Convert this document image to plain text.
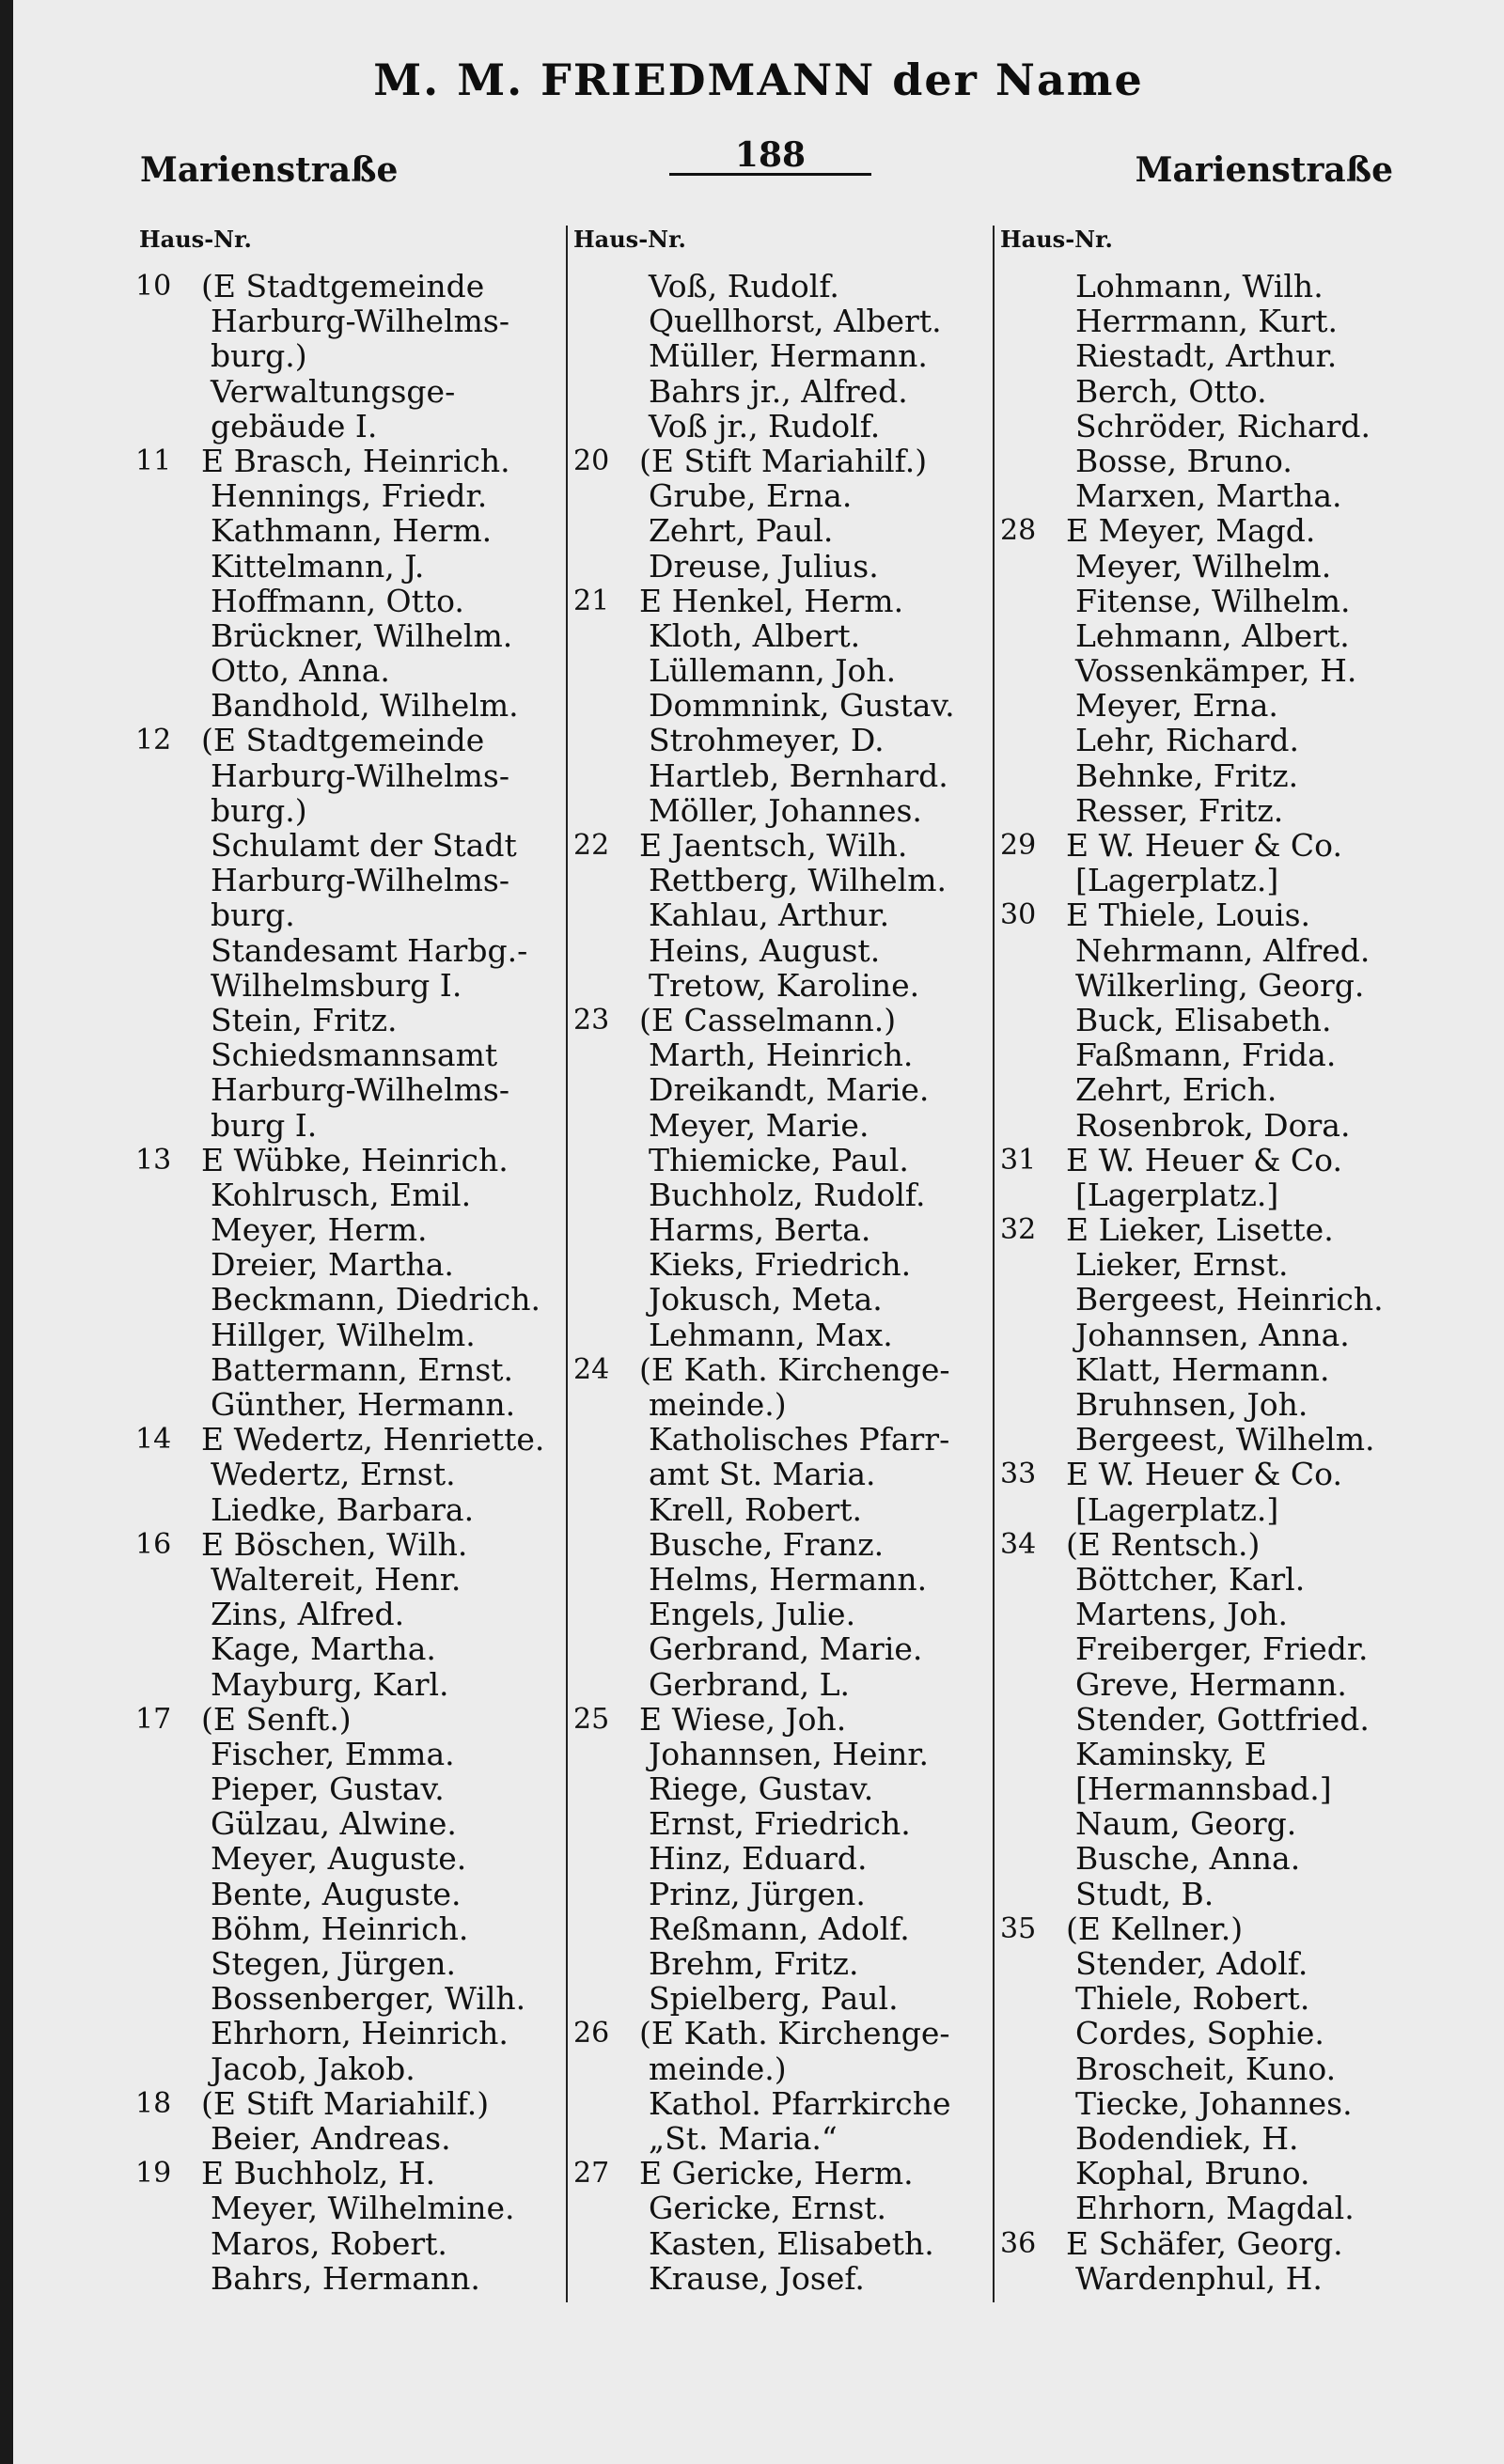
M. M. FRIEDMANN der Name
Marienstraße	188	Marienstraße
Haus-Nr.	Haus-Nr.	Haus-Nr.
10 (E Stadtgemeinde
Harburg-Wilhelms-
burg.)
Verwaltungsge-
gebäude I.
11 E Brasch, Heinrich.
Hennings, Friedr.
Kathmann, Herm.
Kittelmann, J.
Hoffmann, Otto.
Brückner, Wilhelm.
Otto, Anna.
Bandhold, Wilhelm.
12 (E Stadtgemeinde
Harburg-Wilhelms-
burg.)
Schulamt der Stadt
Harburg-Wilhelms-
burg.
Standesamt Harbg.-
Wilhelmsburg I.
Stein, Fritz.
Schiedsmannsamt
Harburg-Wilhelms-
burg I.
13 E Wübke, Heinrich.
Kohlrusch, Emil.
Meyer, Herm.
Dreier, Martha.
Beckmann, Diedrich.
Hillger, Wilhelm.
Battermann, Ernst.
Günther, Hermann.
14 E Wedertz, Henriette.
Wedertz, Ernst.
Liedke, Barbara.
16 E Böschen, Wilh.
Waltereit, Henr.
Zins, Alfred.
Kage, Martha.
Mayburg, Karl.
17 (E Senft.)
Fischer, Emma.
Pieper, Gustav.
Gülzau, Alwine.
Meyer, Auguste.
Bente, Auguste.
Böhm, Heinrich.
Stegen, Jürgen.
Bossenberger, Wilh.
Ehrhorn, Heinrich.
Jacob, Jakob.
18 (E Stift Mariahilf.)
Beier, Andreas.
19 E Buchholz, H.
Meyer, Wilhelmine.
Maros, Robert.
Bahrs, Hermann.
Voß, Rudolf.
Quellhorst, Albert.
Müller, Hermann.
Bahrs jr., Alfred.
Voß jr., Rudolf.
20 (E Stift Mariahilf.)
Grube, Erna.
Zehrt, Paul.
Dreuse, Julius.
21 E Henkel, Herm.
Kloth, Albert.
Lüllemann, Joh.
Dommnink, Gustav.
Strohmeyer, D.
Hartleb, Bernhard.
Möller, Johannes.
22 E Jaentsch, Wilh.
Rettberg, Wilhelm.
Kahlau, Arthur.
Heins, August.
Tretow, Karoline.
23 (E Casselmann.)
Marth, Heinrich.
Dreikandt, Marie.
Meyer, Marie.
Thiemicke, Paul.
Buchholz, Rudolf.
Harms, Berta.
Kieks, Friedrich.
Jokusch, Meta.
Lehmann, Max.
24 (E Kath. Kirchenge-
meinde.)
Katholisches Pfarr-
amt St. Maria.
Krell, Robert.
Busche, Franz.
Helms, Hermann.
Engels, Julie.
Gerbrand, Marie.
Gerbrand, L.
25 E Wiese, Joh.
Johannsen, Heinr.
Riege, Gustav.
Ernst, Friedrich.
Hinz, Eduard.
Prinz, Jürgen.
Reßmann, Adolf.
Brehm, Fritz.
Spielberg, Paul.
26 (E Kath. Kirchenge-
meinde.)
Kathol. Pfarrkirche
„St. Maria.“
27 E Gericke, Herm.
Gericke, Ernst.
Kasten, Elisabeth.
Krause, Josef.
Lohmann, Wilh.
Herrmann, Kurt.
Riestadt, Arthur.
Berch, Otto.
Schröder, Richard.
Bosse, Bruno.
Marxen, Martha.
28 E Meyer, Magd.
Meyer, Wilhelm.
Fitense, Wilhelm.
Lehmann, Albert.
Vossenkämper, H.
Meyer, Erna.
Lehr, Richard.
Behnke, Fritz.
Resser, Fritz.
29 E W. Heuer & Co.
[Lagerplatz.]
30 E Thiele, Louis.
Nehrmann, Alfred.
Wilkerling, Georg.
Buck, Elisabeth.
Faßmann, Frida.
Zehrt, Erich.
Rosenbrok, Dora.
31 E W. Heuer & Co.
[Lagerplatz.]
32 E Lieker, Lisette.
Lieker, Ernst.
Bergeest, Heinrich.
Johannsen, Anna.
Klatt, Hermann.
Bruhnsen, Joh.
Bergeest, Wilhelm.
33 E W. Heuer & Co.
[Lagerplatz.]
34 (E Rentsch.)
Böttcher, Karl.
Martens, Joh.
Freiberger, Friedr.
Greve, Hermann.
Stender, Gottfried.
Kaminsky, E
[Hermannsbad.]
Naum, Georg.
Busche, Anna.
Studt, B.
35 (E Kellner.)
Stender, Adolf.
Thiele, Robert.
Cordes, Sophie.
Broscheit, Kuno.
Tiecke, Johannes.
Bodendiek, H.
Kophal, Bruno.
Ehrhorn, Magdal.
36 E Schäfer, Georg.
Wardenphul, H.
